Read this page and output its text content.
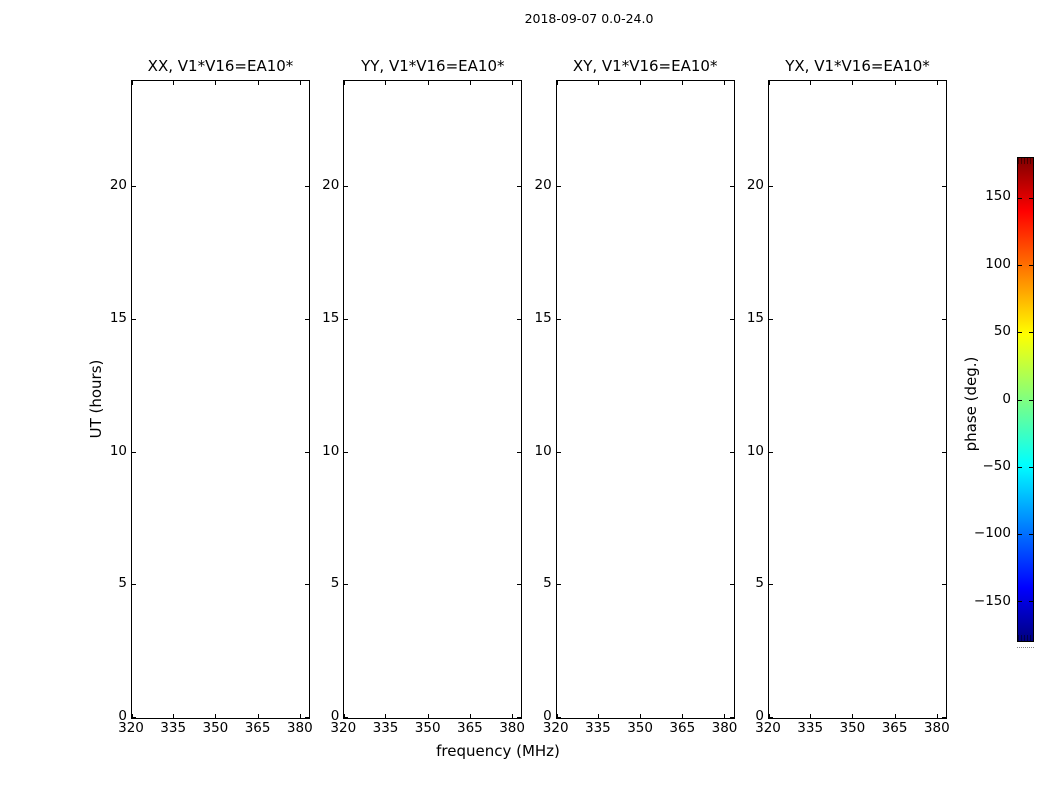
2018-09-07 0.0-24.0
XX, V1*V16=EA10*	YY, V1*V16=EA10*	XY, V1*V16=EA10*	YX, V1*V16=EA10*
UT (hours)
frequency (MHz)
phase (deg.)
320 335 350 365 380
20
15
10
5
0
320 335 350 365 380
20
15
10
5
0
320 335 350 365 380
20
15
10
5
0
320 335 350 365 380
20
15
10
5
0
150
100
50
0
−50
−100
−150
